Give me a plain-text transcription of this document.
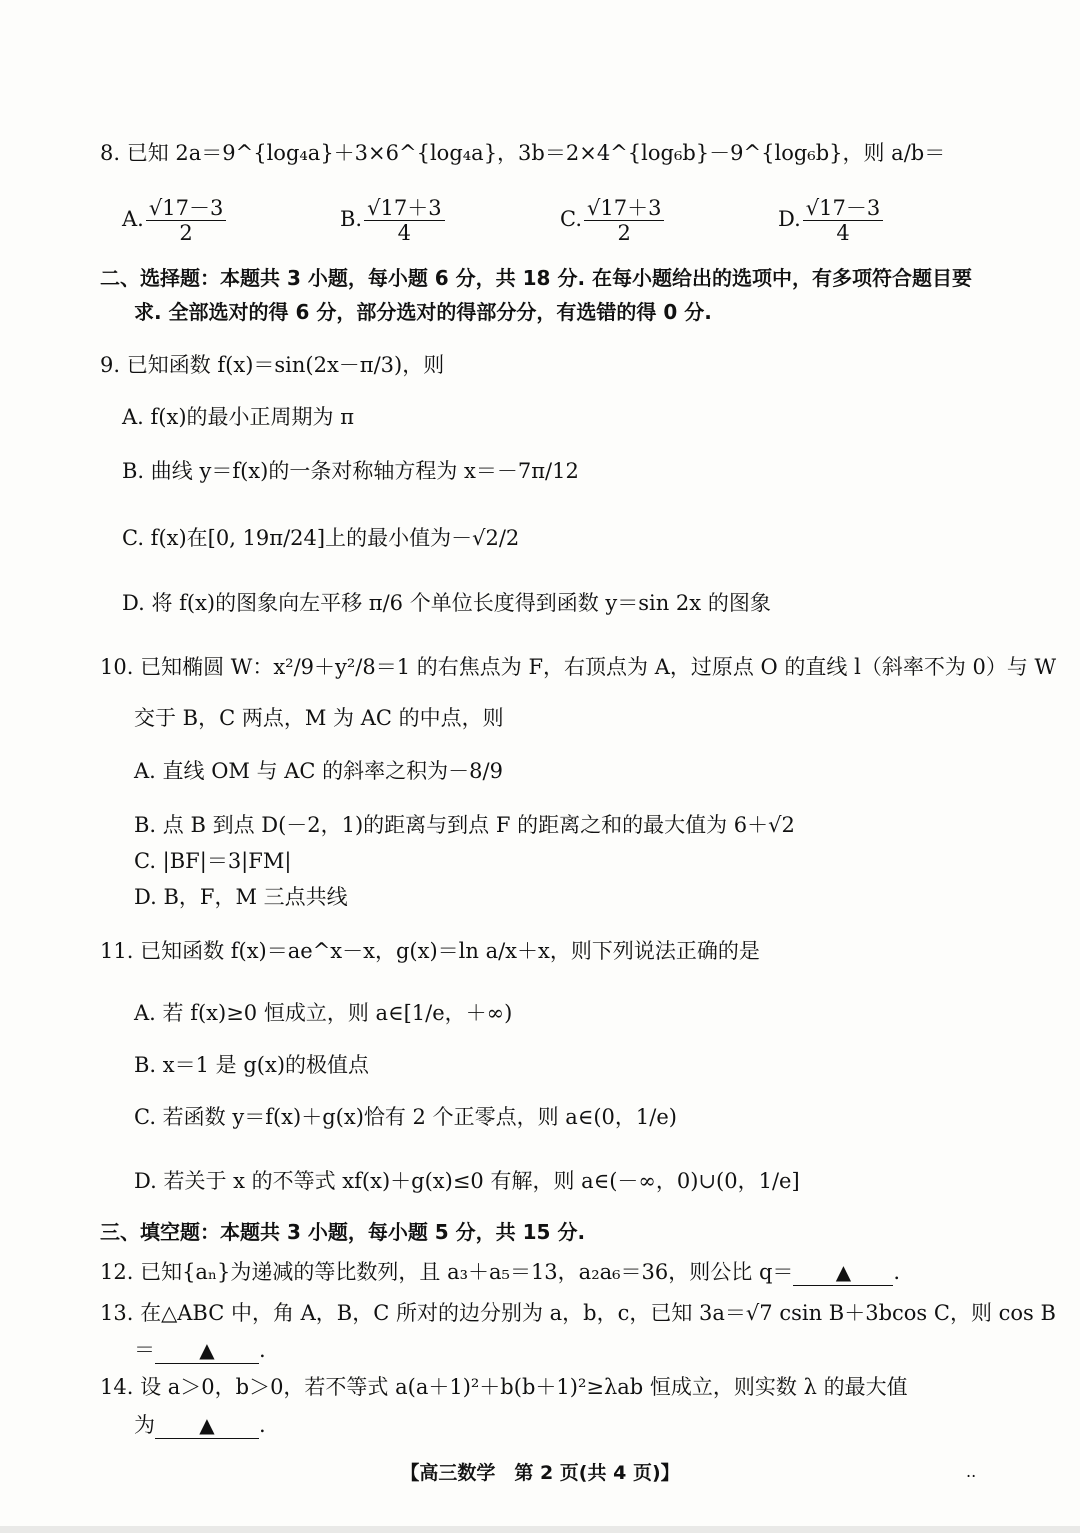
8. 已知 2a＝9^{log₄a}＋3×6^{log₄a}，3b＝2×4^{log₆b}－9^{log₆b}，则 a/b＝
A. $\frac{√17-3}{2}$	B. $\frac{√17+3}{4}$	C. $\frac{√17+3}{2}$	D. $\frac{√17-3}{4}$
二、选择题：本题共 3 小题，每小题 6 分，共 18 分. 在每小题给出的选项中，有多项符合题目要
求. 全部选对的得 6 分，部分选对的得部分分，有选错的得 0 分.
9. 已知函数 f(x)＝sin(2x－π/3)，则
A. f(x)的最小正周期为 π
B. 曲线 y＝f(x)的一条对称轴方程为 x＝－7π/12
C. f(x)在[0, 19π/24]上的最小值为－√2/2
D. 将 f(x)的图象向左平移 π/6 个单位长度得到函数 y＝sin 2x 的图象
10. 已知椭圆 W：x²/9＋y²/8＝1 的右焦点为 F，右顶点为 A，过原点 O 的直线 l（斜率不为 0）与 W
交于 B，C 两点，M 为 AC 的中点，则
A. 直线 OM 与 AC 的斜率之积为－8/9
B. 点 B 到点 D(－2，1)的距离与到点 F 的距离之和的最大值为 6＋√2
C. |BF|＝3|FM|
D. B，F，M 三点共线
11. 已知函数 f(x)＝ae^x－x，g(x)＝ln a/x＋x，则下列说法正确的是
A. 若 f(x)≥0 恒成立，则 a∈[1/e，＋∞)
B. x＝1 是 g(x)的极值点
C. 若函数 y＝f(x)＋g(x)恰有 2 个正零点，则 a∈(0，1/e)
D. 若关于 x 的不等式 xf(x)＋g(x)≤0 有解，则 a∈(－∞，0)∪(0，1/e]
三、填空题：本题共 3 小题，每小题 5 分，共 15 分.
12. 已知{aₙ}为递减的等比数列，且 a₃＋a₅＝13，a₂a₆＝36，则公比 q＝ ▲ .
13. 在△ABC 中，角 A，B，C 所对的边分别为 a，b，c，已知 3a＝√7 csin B＋3bcos C，则 cos B
＝ ▲ .
14. 设 a＞0，b＞0，若不等式 a(a＋1)²＋b(b＋1)²≥λab 恒成立，则实数 λ 的最大值
为 ▲ .
【高三数学　第 2 页(共 4 页)】	..
